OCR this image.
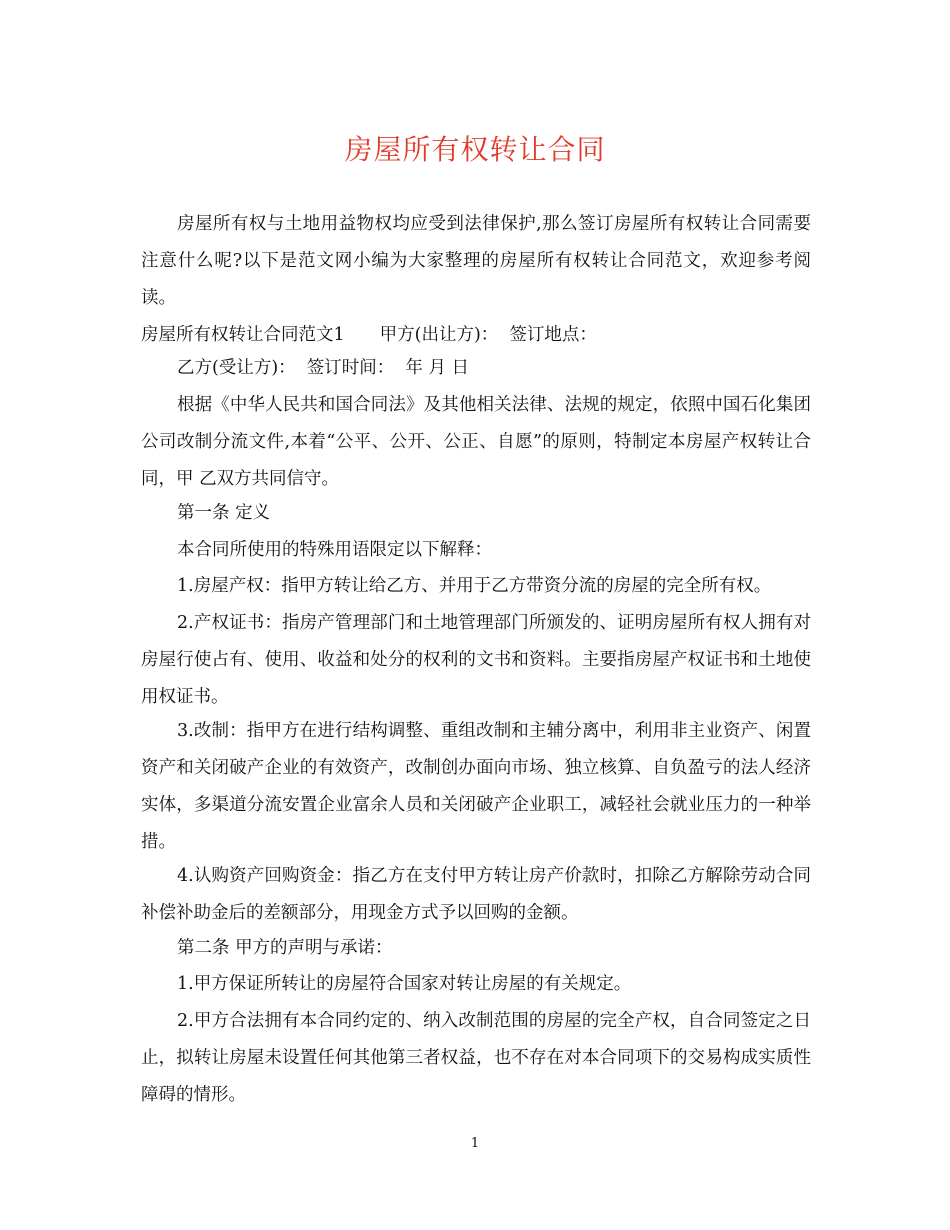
房屋所有权转让合同
房屋所有权与土地用益物权均应受到法律保护,那么签订房屋所有权转让合同需要注意什么呢?以下是范文网小编为大家整理的房屋所有权转让合同范文，欢迎参考阅读。
房屋所有权转让合同范文1　　甲方(出让方)：  签订地点：
乙方(受让方)：  签订时间：  年 月 日
根据《中华人民共和国合同法》及其他相关法律、法规的规定，依照中国石化集团公司改制分流文件,本着“公平、公开、公正、自愿”的原则，特制定本房屋产权转让合同，甲 乙双方共同信守。
第一条 定义
本合同所使用的特殊用语限定以下解释：
1.房屋产权：指甲方转让给乙方、并用于乙方带资分流的房屋的完全所有权。
2.产权证书：指房产管理部门和土地管理部门所颁发的、证明房屋所有权人拥有对房屋行使占有、使用、收益和处分的权利的文书和资料。主要指房屋产权证书和土地使用权证书。
3.改制：指甲方在进行结构调整、重组改制和主辅分离中，利用非主业资产、闲置资产和关闭破产企业的有效资产，改制创办面向市场、独立核算、自负盈亏的法人经济实体，多渠道分流安置企业富余人员和关闭破产企业职工，减轻社会就业压力的一种举措。
4.认购资产回购资金：指乙方在支付甲方转让房产价款时，扣除乙方解除劳动合同补偿补助金后的差额部分，用现金方式予以回购的金额。
第二条 甲方的声明与承诺：
1.甲方保证所转让的房屋符合国家对转让房屋的有关规定。
2.甲方合法拥有本合同约定的、纳入改制范围的房屋的完全产权，自合同签定之日止，拟转让房屋未设置任何其他第三者权益，也不存在对本合同项下的交易构成实质性障碍的情形。
1
